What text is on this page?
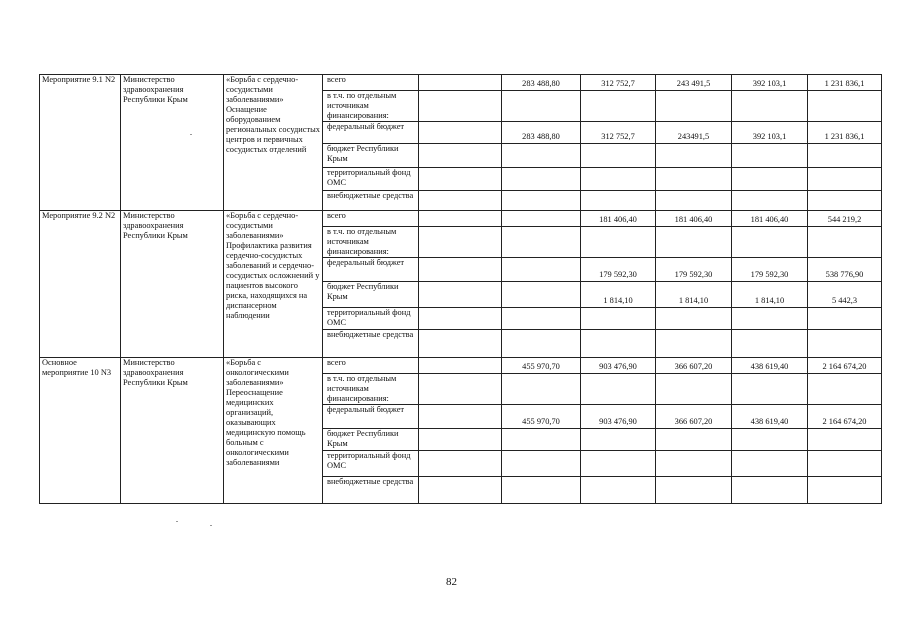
Мероприятие 9.1 N2	Министерство здравоохранения Республики Крым	«Борьба с сердечно-сосудистыми заболеваниями» Оснащение оборудованием региональных сосудистых центров и первичных сосудистых отделений	всего		283 488,80	312 752,7	243 491,5	392 103,1	1 231 836,1
			в т.ч. по отдельным источникам финансирования:						
			федеральный бюджет		283 488,80	312 752,7	243491,5	392 103,1	1 231 836,1
			бюджет Республики Крым						
			территориальный фонд ОМС						
			внебюджетные средства						
Мероприятие 9.2 N2	Министерство здравоохранения Республики Крым	«Борьба с сердечно-сосудистыми заболеваниями» Профилактика развития сердечно-сосудистых заболеваний и сердечно-сосудистых осложнений у пациентов высокого риска, находящихся на диспансерном наблюдении	всего			181 406,40	181 406,40	181 406,40	544 219,2
			в т.ч. по отдельным источникам финансирования:						
			федеральный бюджет			179 592,30	179 592,30	179 592,30	538 776,90
			бюджет Республики Крым			1 814,10	1 814,10	1 814,10	5 442,3
			территориальный фонд ОМС						
			внебюджетные средства						
Основное мероприятие 10 N3	Министерство здравоохранения Республики Крым	«Борьба с онкологическими заболеваниями» Переоснащение медицинских организаций, оказывающих медицинскую помощь больным с онкологическими заболеваниями	всего		455 970,70	903 476,90	366 607,20	438 619,40	2 164 674,20
			в т.ч. по отдельным источникам финансирования:						
			федеральный бюджет		455 970,70	903 476,90	366 607,20	438 619,40	2 164 674,20
			бюджет Республики Крым						
			территориальный фонд ОМС						
			внебюджетные средства						
82
